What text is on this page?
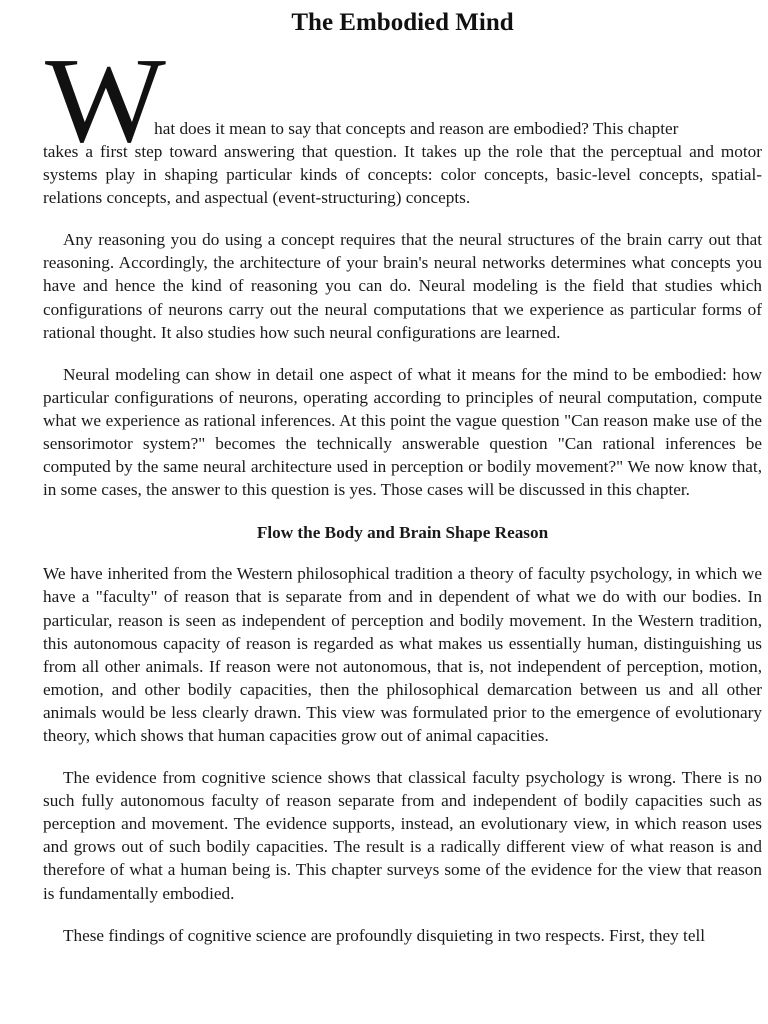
The Embodied Mind
W hat does it mean to say that concepts and reason are embodied? This chapter

takes a first step toward answering that question. It takes up the role that the perceptual and motor systems play in shaping particular kinds of concepts: color concepts, basic-level concepts, spatial-relations concepts, and aspectual (event-structuring) concepts.

Any reasoning you do using a concept requires that the neural structures of the brain carry out that reasoning. Accordingly, the architecture of your brain's neural networks determines what concepts you have and hence the kind of reasoning you can do. Neural modeling is the field that studies which configurations of neurons carry out the neural computations that we experience as particular forms of rational thought. It also studies how such neural configurations are learned.

Neural modeling can show in detail one aspect of what it means for the mind to be embodied: how particular configurations of neurons, operating according to principles of neural computation, compute what we experience as rational inferences. At this point the vague question "Can reason make use of the sensorimotor system?" becomes the technically answerable question "Can rational inferences be computed by the same neural architecture used in perception or bodily movement?" We now know that, in some cases, the answer to this question is yes. Those cases will be discussed in this chapter.

Flow the Body and Brain Shape Reason

We have inherited from the Western philosophical tradition a theory of faculty psychology, in which we have a "faculty" of reason that is separate from and in dependent of what we do with our bodies. In particular, reason is seen as independent of perception and bodily movement. In the Western tradition, this autonomous capacity of reason is regarded as what makes us essentially human, distinguishing us from all other animals. If reason were not autonomous, that is, not independent of perception, motion, emotion, and other bodily capacities, then the philosophical demarcation between us and all other animals would be less clearly drawn. This view was formulated prior to the emergence of evolutionary theory, which shows that human capacities grow out of animal capacities.

The evidence from cognitive science shows that classical faculty psychology is wrong. There is no such fully autonomous faculty of reason separate from and independent of bodily capacities such as perception and movement. The evidence supports, instead, an evolutionary view, in which reason uses and grows out of such bodily capacities. The result is a radically different view of what reason is and therefore of what a human being is. This chapter surveys some of the evidence for the view that reason is fundamentally embodied.

These findings of cognitive science are profoundly disquieting in two respects. First, they tell
